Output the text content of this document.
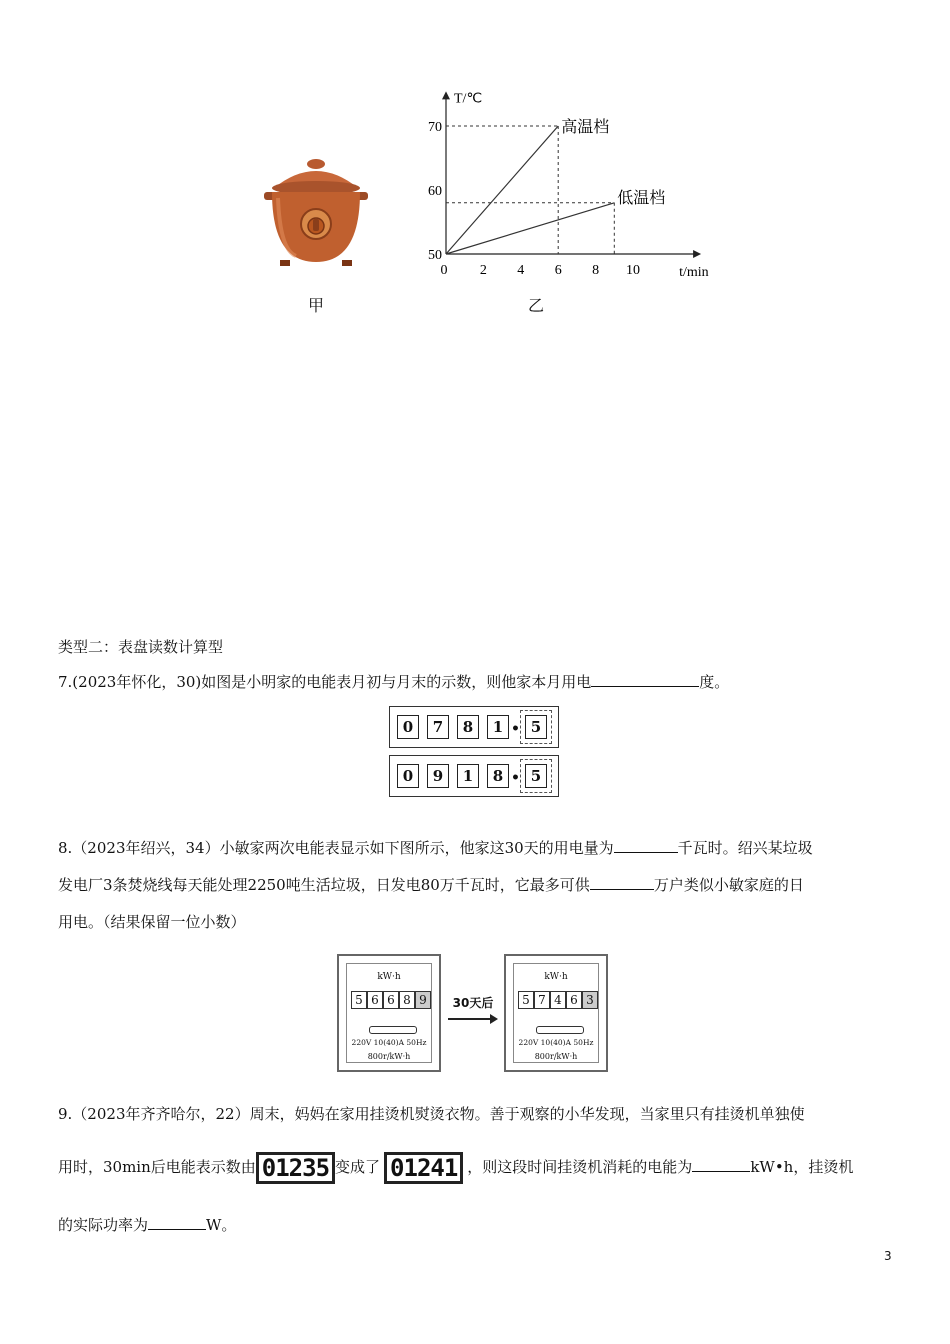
T/℃
t/min
0 2 4 6 8 10
50
60
70	高温档
低温档
甲	乙
类型二：表盘读数计算型
7.(2023年怀化，30)如图是小明家的电能表月初与月末的示数，则他家本月用电	度。
0	7	8	1 • 5
0	9	1	8 • 5
8.（2023年绍兴，34）小敏家两次电能表显示如下图所示，他家这30天的用电量为	千瓦时。绍兴某垃圾
发电厂3条焚烧线每天能处理2250吨生活垃圾，日发电80万千瓦时，它最多可供	万户类似小敏家庭的日
用电。（结果保留一位小数）
kW·h
5 6 6 8 9
220V 10(40)A 50Hz
800r/kW·h
30天后
kW·h
5 7 4 6 3
220V 10(40)A 50Hz
800r/kW·h
9.（2023年齐齐哈尔，22）周末，妈妈在家用挂烫机熨烫衣物。善于观察的小华发现，当家里只有挂烫机单独使
用时，30min后电能表示数由 01235 变成了 01241 ，则这段时间挂烫机消耗的电能为	kW•h，挂烫机
的实际功率为	W。
3
